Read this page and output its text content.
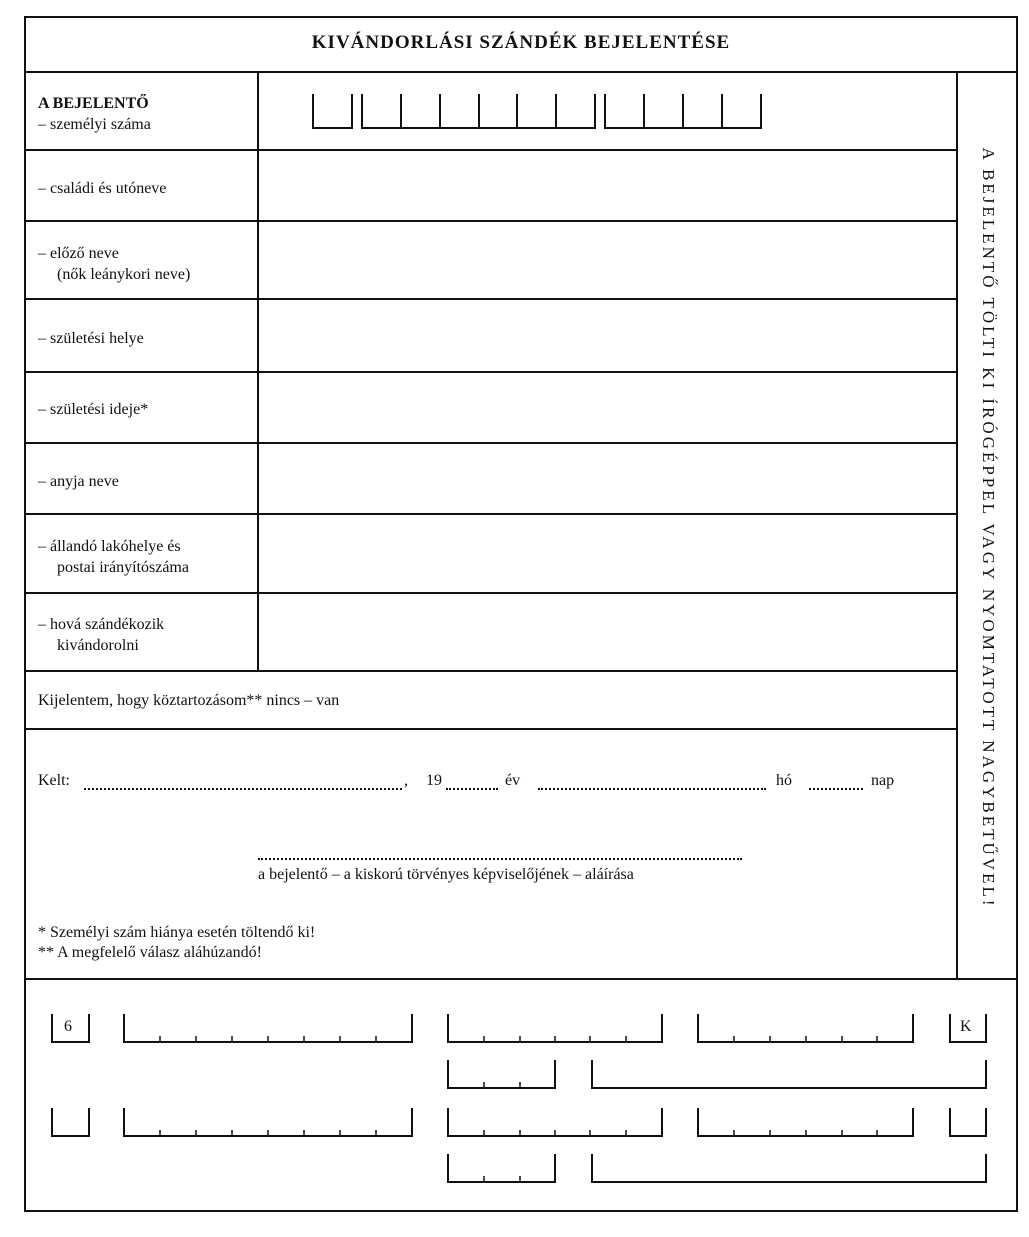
KIVÁNDORLÁSI SZÁNDÉK BEJELENTÉSE
A BEJELENTŐ TÖLTI KI ÍRÓGÉPPEL VAGY NYOMTATOTT NAGYBETŰVEL!
A BEJELENTŐ
– személyi száma
– családi és utóneve
– előző neve
(nők leánykori neve)
– születési helye
– születési ideje*
– anyja neve
– állandó lakóhelye és
postai irányítószáma
– hová szándékozik
kivándorolni
Kijelentem, hogy köztartozásom** nincs – van
Kelt:	, 19	év	hó	nap
a bejelentő – a kiskorú törvényes képviselőjének – aláírása
* Személyi szám hiánya esetén töltendő ki!
** A megfelelő válasz aláhúzandó!
6	K
